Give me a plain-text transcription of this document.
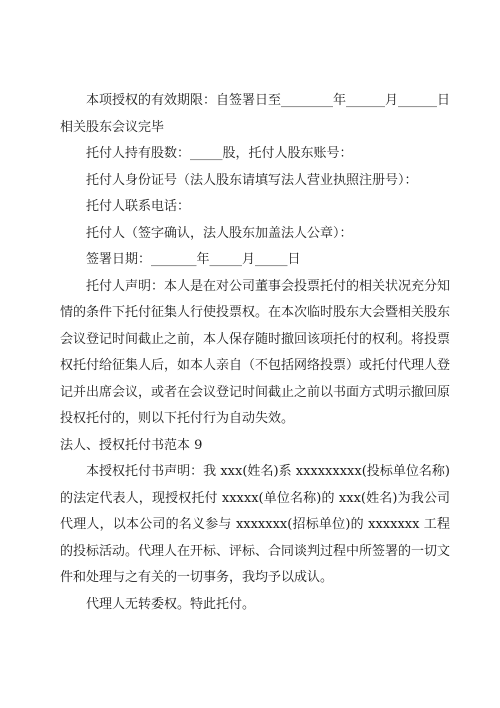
本项授权的有效期限：自签署日至________年______月______日相关股东会议完毕

托付人持有股数：_____股，托付人股东账号：

托付人身份证号（法人股东请填写法人营业执照注册号）：

托付人联系电话：

托付人（签字确认，法人股东加盖法人公章）：

签署日期：_______年_____月_____日

托付人声明：本人是在对公司董事会投票托付的相关状况充分知情的条件下托付征集人行使投票权。在本次临时股东大会暨相关股东会议登记时间截止之前，本人保存随时撤回该项托付的权利。将投票权托付给征集人后，如本人亲自（不包括网络投票）或托付代理人登记并出席会议，或者在会议登记时间截止之前以书面方式明示撤回原投权托付的，则以下托付行为自动失效。

法人、授权托付书范本 9

本授权托付书声明：我 xxx(姓名)系 xxxxxxxxx(投标单位名称)的法定代表人，现授权托付 xxxxx(单位名称)的 xxx(姓名)为我公司代理人，以本公司的名义参与 xxxxxxx(招标单位)的 xxxxxxx 工程的投标活动。代理人在开标、评标、合同谈判过程中所签署的一切文件和处理与之有关的一切事务，我均予以成认。

代理人无转委权。特此托付。
